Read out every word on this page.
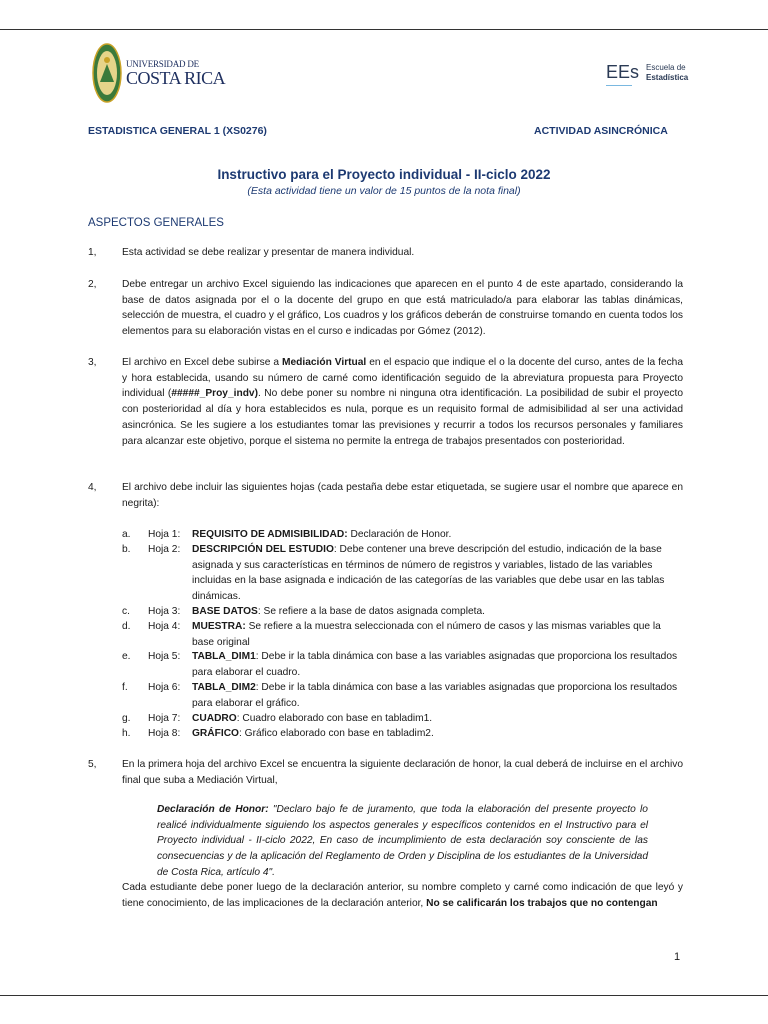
UNIVERSIDAD DE
COSTA RICA	EEs Escuela de
Estadística
ESTADISTICA GENERAL 1 (XS0276)	ACTIVIDAD ASINCRÓNICA
Instructivo para el Proyecto individual - II-ciclo 2022
(Esta actividad tiene un valor de 15 puntos de la nota final)
ASPECTOS GENERALES
1,	Esta actividad se debe realizar y presentar de manera individual.
2,	Debe entregar un archivo Excel siguiendo las indicaciones que aparecen en el punto 4 de este apartado, considerando la base de datos asignada por el o la docente del grupo en que está matriculado/a para elaborar las tablas dinámicas, selección de muestra, el cuadro y el gráfico, Los cuadros y los gráficos deberán de construirse tomando en cuenta todos los elementos para su elaboración vistas en el curso e indicadas por Gómez (2012).
3,	El archivo en Excel debe subirse a Mediación Virtual en el espacio que indique el o la docente del curso, antes de la fecha y hora establecida, usando su número de carné como identificación seguido de la abreviatura propuesta para Proyecto individual (#####_Proy_indv). No debe poner su nombre ni ninguna otra identificación. La posibilidad de subir el proyecto con posterioridad al día y hora establecidos es nula, porque es un requisito formal de admisibilidad al ser una actividad asincrónica. Se les sugiere a los estudiantes tomar las previsiones y recurrir a todos los recursos personales y familiares para alcanzar este objetivo, porque el sistema no permite la entrega de trabajos presentados con posterioridad.
4,	El archivo debe incluir las siguientes hojas (cada pestaña debe estar etiquetada, se sugiere usar el nombre que aparece en negrita):
a. Hoja 1: REQUISITO DE ADMISIBILIDAD: Declaración de Honor.
b. Hoja 2: DESCRIPCIÓN DEL ESTUDIO: Debe contener una breve descripción del estudio, indicación de la base asignada y sus características en términos de número de registros y variables, listado de las variables incluidas en la base asignada e indicación de las categorías de las variables que debe usar en las tablas dinámicas.
c. Hoja 3: BASE DATOS: Se refiere a la base de datos asignada completa.
d. Hoja 4: MUESTRA: Se refiere a la muestra seleccionada con el número de casos y las mismas variables que la base original
e. Hoja 5: TABLA_DIM1: Debe ir la tabla dinámica con base a las variables asignadas que proporciona los resultados para elaborar el cuadro.
f. Hoja 6: TABLA_DIM2: Debe ir la tabla dinámica con base a las variables asignadas que proporciona los resultados para elaborar el gráfico.
g. Hoja 7: CUADRO: Cuadro elaborado con base en tabladim1.
h. Hoja 8: GRÁFICO: Gráfico elaborado con base en tabladim2.
5,	En la primera hoja del archivo Excel se encuentra la siguiente declaración de honor, la cual deberá de incluirse en el archivo final que suba a Mediación Virtual,
Declaración de Honor: "Declaro bajo fe de juramento, que toda la elaboración del presente proyecto lo realicé individualmente siguiendo los aspectos generales y específicos contenidos en el Instructivo para el Proyecto individual - II-ciclo 2022, En caso de incumplimiento de esta declaración soy consciente de las consecuencias y de la aplicación del Reglamento de Orden y Disciplina de los estudiantes de la Universidad de Costa Rica, artículo 4".
Cada estudiante debe poner luego de la declaración anterior, su nombre completo y carné como indicación de que leyó y tiene conocimiento, de las implicaciones de la declaración anterior, No se calificarán los trabajos que no contengan
1
